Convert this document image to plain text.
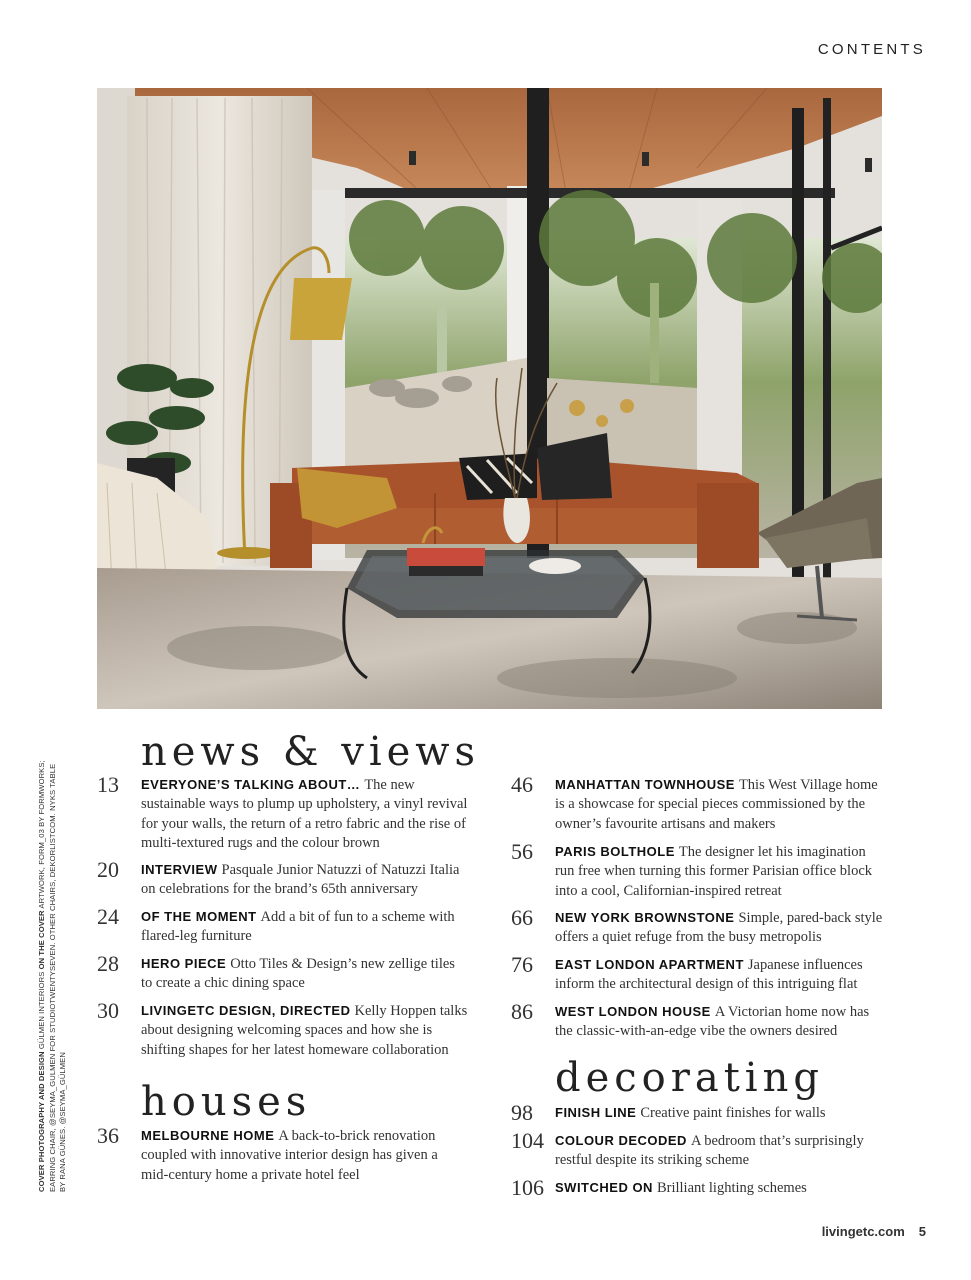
CONTENTS
COVER PHOTOGRAPHY AND DESIGN GÜLMEN INTERIORS ON THE COVER ARTWORK, FORM_03 BY FORMWORKS; EARRING CHAIR, @SEYMA_GULMEN FOR STUDIOTWENTYSEVEN. OTHER CHAIRS, DEKORLISTCOM. NYKS TABLE BY RANA GÜNES. @SEYMA_GÜLMEN
news & views
13	EVERYONE’S TALKING ABOUT… The new sustainable ways to plump up upholstery, a vinyl revival for your walls, the return of a retro fabric and the rise of multi-textured rugs and the colour brown
20	INTERVIEW Pasquale Junior Natuzzi of Natuzzi Italia on celebrations for the brand’s 65th anniversary
24	OF THE MOMENT Add a bit of fun to a scheme with flared-leg furniture
28	HERO PIECE Otto Tiles & Design’s new zellige tiles to create a chic dining space
30	LIVINGETC DESIGN, DIRECTED Kelly Hoppen talks about designing welcoming spaces and how she is shifting shapes for her latest homeware collaboration
houses
36	MELBOURNE HOME A back-to-brick renovation coupled with innovative interior design has given a mid-century home a private hotel feel
46	MANHATTAN TOWNHOUSE This West Village home is a showcase for special pieces commissioned by the owner’s favourite artisans and makers
56	PARIS BOLTHOLE The designer let his imagination run free when turning this former Parisian office block into a cool, Californian-inspired retreat
66	NEW YORK BROWNSTONE Simple, pared-back style offers a quiet refuge from the busy metropolis
76	EAST LONDON APARTMENT Japanese influences inform the architectural design of this intriguing flat
86	WEST LONDON HOUSE A Victorian home now has the classic-with-an-edge vibe the owners desired
decorating
98	FINISH LINE Creative paint finishes for walls
104 COLOUR DECODED A bedroom that’s surprisingly restful despite its striking scheme
106 SWITCHED ON Brilliant lighting schemes
livingetc.com 5
